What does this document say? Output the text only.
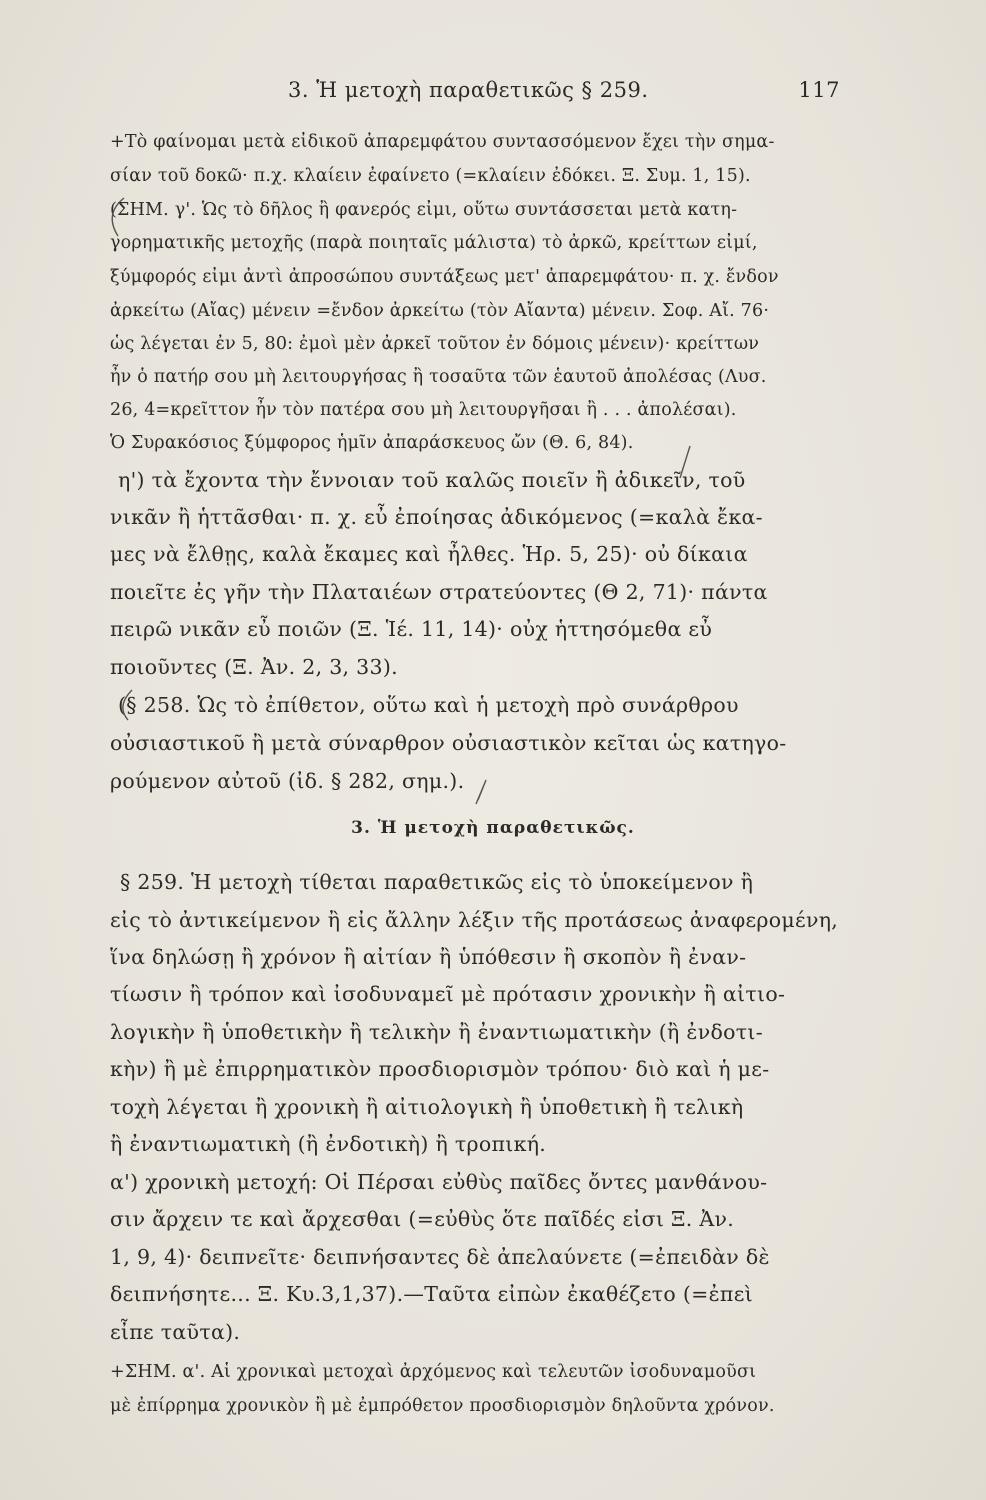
3. Ἡ μετοχὴ παραθετικῶς § 259.	117
+Τὸ φαίνομαι μετὰ εἰδικοῦ ἀπαρεμφάτου συντασσόμενον ἔχει τὴν σημα-
σίαν τοῦ δοκῶ· π.χ. κλαίειν ἐφαίνετο (=κλαίειν ἐδόκει. Ξ. Συμ. 1, 15).
(ΣΗΜ. γ'. Ὡς τὸ δῆλος ἢ φανερός εἰμι, οὕτω συντάσσεται μετὰ κατη-
γορηματικῆς μετοχῆς (παρὰ ποιηταῖς μάλιστα) τὸ ἀρκῶ, κρείττων εἰμί,
ξύμφορός εἰμι ἀντὶ ἀπροσώπου συντάξεως μετ' ἀπαρεμφάτου· π. χ. ἔνδον
ἀρκείτω (Αἴας) μένειν =ἔνδον ἀρκείτω (τὸν Αἴαντα) μένειν. Σοφ. Αἴ. 76·
ὡς λέγεται ἐν 5, 80: ἐμοὶ μὲν ἀρκεῖ τοῦτον ἐν δόμοις μένειν)· κρείττων
ἦν ὁ πατήρ σου μὴ λειτουργήσας ἢ τοσαῦτα τῶν ἑαυτοῦ ἀπολέσας (Λυσ.
26, 4=κρεῖττον ἦν τὸν πατέρα σου μὴ λειτουργῆσαι ἢ . . . ἀπολέσαι).
Ὁ Συρακόσιος ξύμφορος ἡμῖν ἀπαράσκευος ὤν (Θ. 6, 84).
η') τὰ ἔχοντα τὴν ἔννοιαν τοῦ καλῶς ποιεῖν ἢ ἀδικεῖν, τοῦ
νικᾶν ἢ ἡττᾶσθαι· π. χ. εὖ ἐποίησας ἀδικόμενος (=καλὰ ἔκα-
μες νὰ ἔλθῃς, καλὰ ἔκαμες καὶ ἦλθες. Ἡρ. 5, 25)· οὐ δίκαια
ποιεῖτε ἐς γῆν τὴν Πλαταιέων στρατεύοντες (Θ 2, 71)· πάντα
πειρῶ νικᾶν εὖ ποιῶν (Ξ. Ἱέ. 11, 14)· οὐχ ἡττησόμεθα εὖ
ποιοῦντες (Ξ. Ἀν. 2, 3, 33).
(§ 258. Ὡς τὸ ἐπίθετον, οὕτω καὶ ἡ μετοχὴ πρὸ συνάρθρου
οὐσιαστικοῦ ἢ μετὰ σύναρθρον οὐσιαστικὸν κεῖται ὡς κατηγο-
ρούμενον αὐτοῦ (ἰδ. § 282, σημ.).
3. Ἡ μετοχὴ παραθετικῶς.
§ 259. Ἡ μετοχὴ τίθεται παραθετικῶς εἰς τὸ ὑποκείμενον ἢ
εἰς τὸ ἀντικείμενον ἢ εἰς ἄλλην λέξιν τῆς προτάσεως ἀναφερομένη,
ἵνα δηλώσῃ ἢ χρόνον ἢ αἰτίαν ἢ ὑπόθεσιν ἢ σκοπὸν ἢ ἐναν-
τίωσιν ἢ τρόπον καὶ ἰσοδυναμεῖ μὲ πρότασιν χρονικὴν ἢ αἰτιο-
λογικὴν ἢ ὑποθετικὴν ἢ τελικὴν ἢ ἐναντιωματικὴν (ἢ ἐνδοτι-
κὴν) ἢ μὲ ἐπιρρηματικὸν προσδιορισμὸν τρόπου· διὸ καὶ ἡ με-
τοχὴ λέγεται ἢ χρονικὴ ἢ αἰτιολογικὴ ἢ ὑποθετικὴ ἢ τελικὴ
ἢ ἐναντιωματικὴ (ἢ ἐνδοτικὴ) ἢ τροπική.
α') χρονικὴ μετοχή: Οἱ Πέρσαι εὐθὺς παῖδες ὄντες μανθάνου-
σιν ἄρχειν τε καὶ ἄρχεσθαι (=εὐθὺς ὅτε παῖδές εἰσι Ξ. Ἀν.
1, 9, 4)· δειπνεῖτε· δειπνήσαντες δὲ ἀπελαύνετε (=ἐπειδὰν δὲ
δειπνήσητε... Ξ. Κυ.3,1,37).—Ταῦτα εἰπὼν ἐκαθέζετο (=ἐπεὶ
εἶπε ταῦτα).
+ΣΗΜ. α'. Αἱ χρονικαὶ μετοχαὶ ἀρχόμενος καὶ τελευτῶν ἰσοδυναμοῦσι
μὲ ἐπίρρημα χρονικὸν ἢ μὲ ἐμπρόθετον προσδιορισμὸν δηλοῦντα χρόνον.
